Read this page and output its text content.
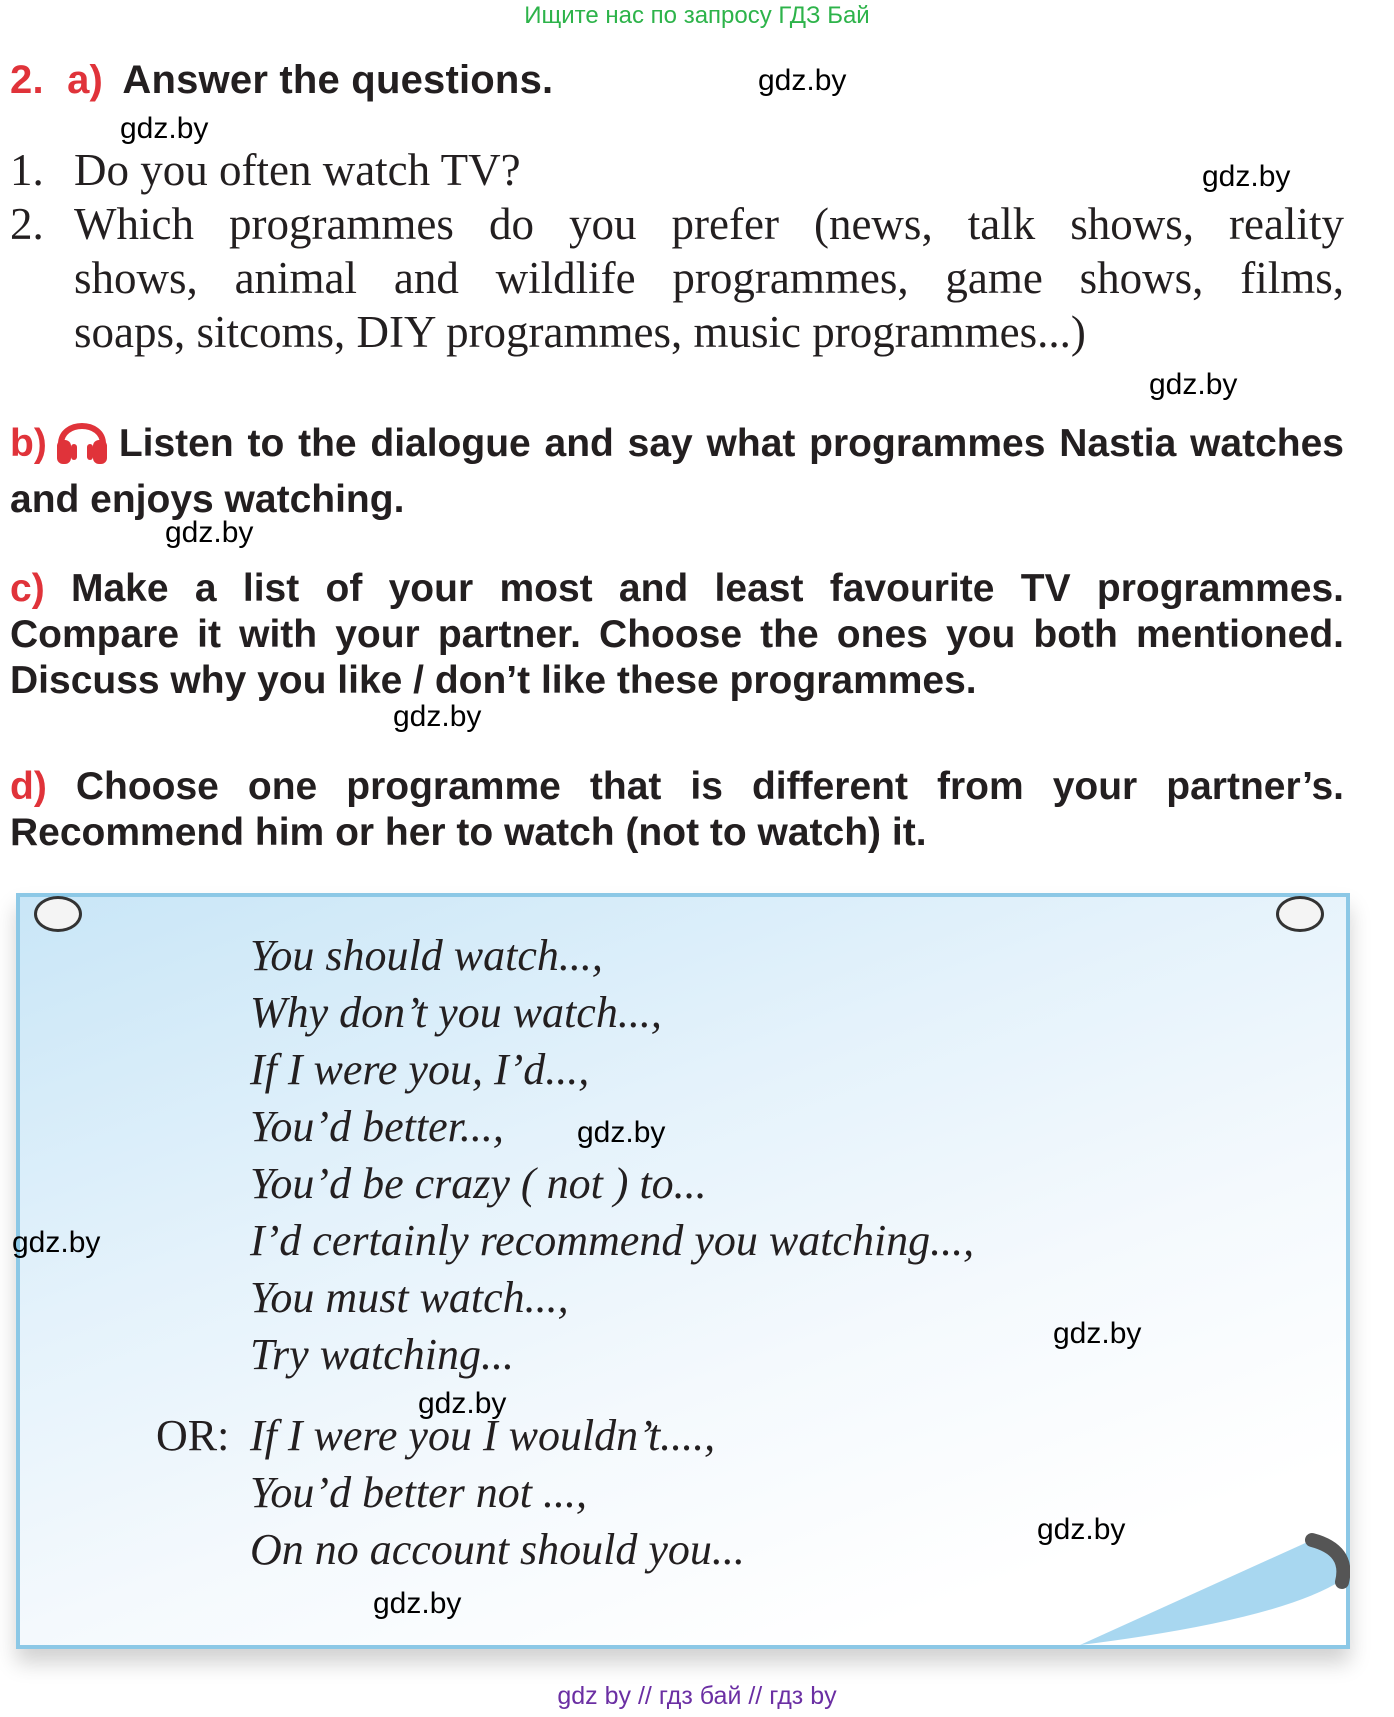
Ищите нас по запросу ГДЗ Бай
2. a) Answer the questions.
1. Do you often watch TV?
2. Which programmes do you prefer (news, talk shows, reality
shows, animal and wildlife programmes, game shows, films,
soaps, sitcoms, DIY programmes, music programmes...)
b) Listen to the dialogue and say what programmes Nastia watches and enjoys watching.
c) Make a list of your most and least favourite TV programmes. Compare it with your partner. Choose the ones you both mentioned. Discuss why you like / don’t like these programmes.
d) Choose one programme that is different from your partner’s. Recommend him or her to watch (not to watch) it.
You should watch...,
Why don’t you watch...,
If I were you, I’d...,
You’d better...,
You’d be crazy ( not ) to...
I’d certainly recommend you watching...,
You must watch...,
Try watching...
OR: If I were you I wouldn’t....,
You’d better not ...,
On no account should you...
gdz.by
gdz.by
gdz.by
gdz.by
gdz.by
gdz.by
gdz.by
gdz.by
gdz.by
gdz.by
gdz.by
gdz.by
gdz by // гдз бай // гдз by
